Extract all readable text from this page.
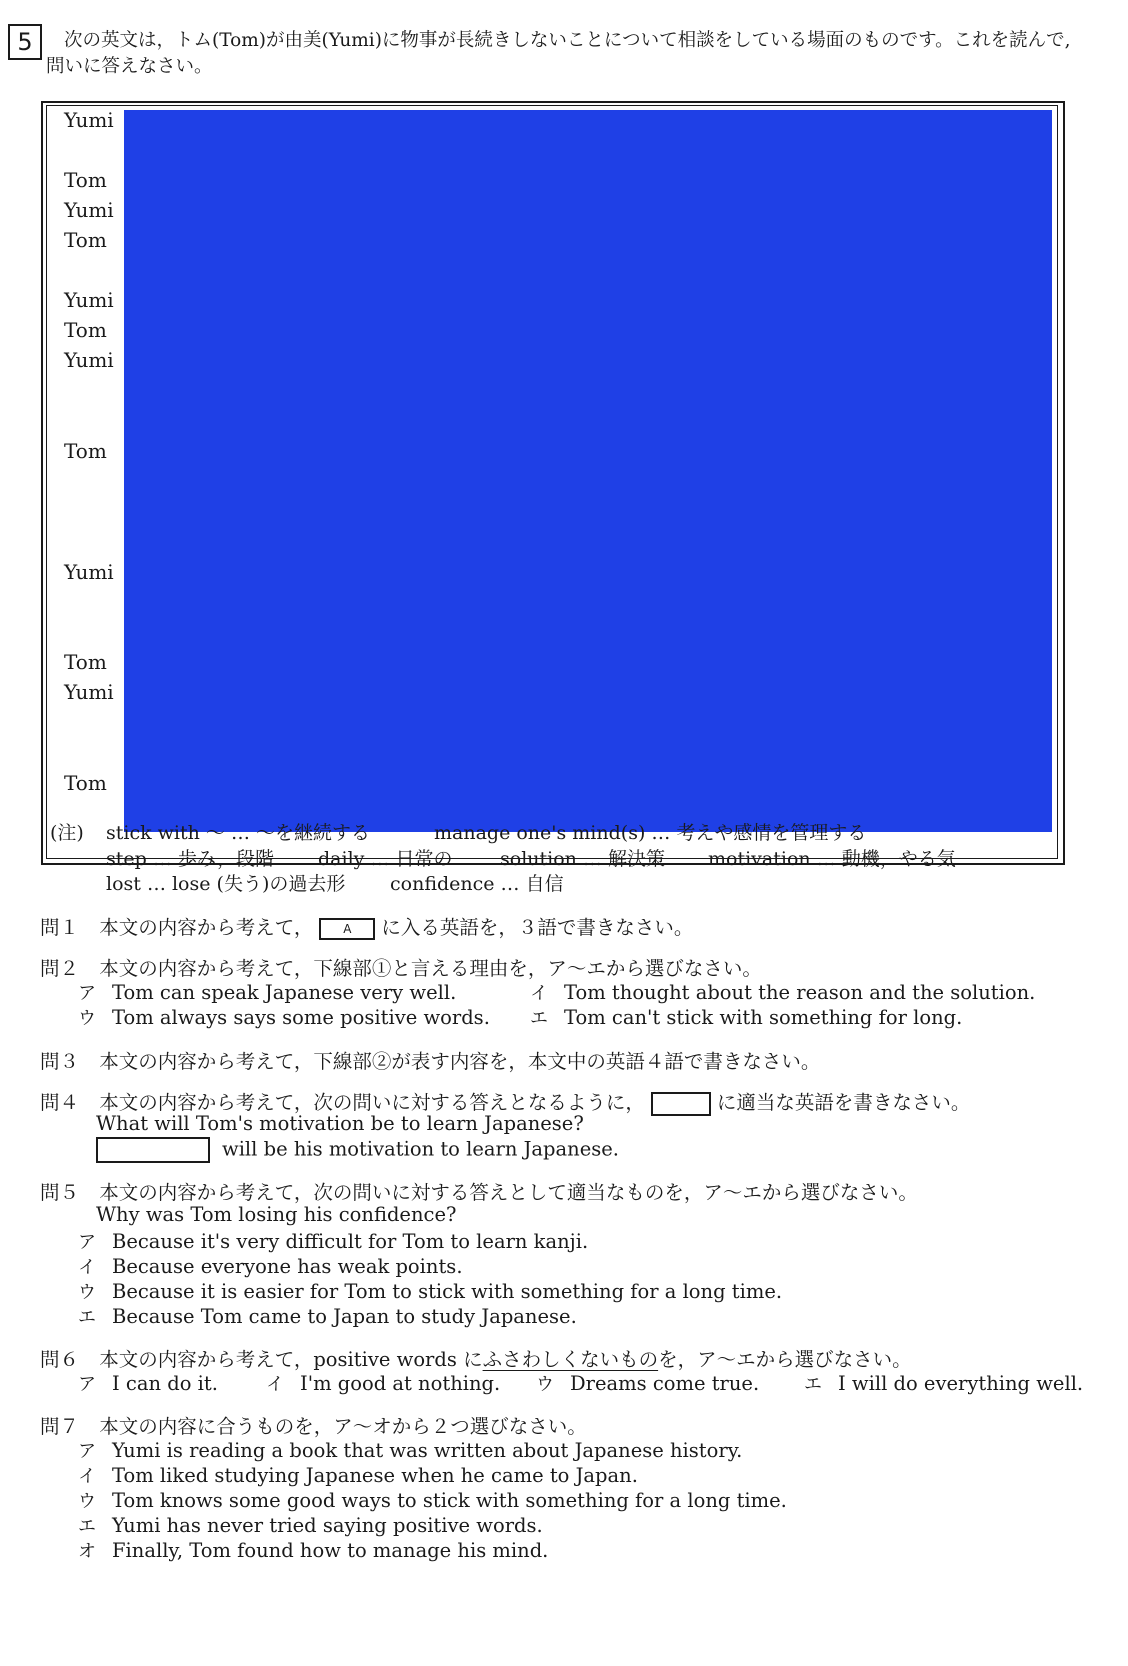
5	次の英文は，トム(Tom)が由美(Yumi)に物事が長続きしないことについて相談をしている場面のものです。これを読んで,
問いに答えなさい。
Yumi
Tom
Yumi
Tom
Yumi
Tom
Yumi
Tom
Yumi
Tom
Yumi
Tom
(注) stick with ～ … ～を継続する	manage one's mind(s) … 考えや感情を管理する
step … 歩み，段階 daily … 日常の	solution … 解決策 motivation … 動機，やる気
lost … lose (失う)の過去形 confidence … 自信
問１ 本文の内容から考えて， A に入る英語を，３語で書きなさい。
問２ 本文の内容から考えて，下線部①と言える理由を，ア～エから選びなさい。
ア Tom can speak Japanese very well.	イ Tom thought about the reason and the solution.
ウ Tom always says some positive words. エ Tom can't stick with something for long.
問３ 本文の内容から考えて，下線部②が表す内容を，本文中の英語４語で書きなさい。
問４ 本文の内容から考えて，次の問いに対する答えとなるように，	に適当な英語を書きなさい。
What will Tom's motivation be to learn Japanese?
will be his motivation to learn Japanese.
問５ 本文の内容から考えて，次の問いに対する答えとして適当なものを，ア～エから選びなさい。
Why was Tom losing his confidence?
ア Because it's very difficult for Tom to learn kanji.
イ Because everyone has weak points.
ウ Because it is easier for Tom to stick with something for a long time.
エ Because Tom came to Japan to study Japanese.
問６ 本文の内容から考えて，positive words にふさわしくないものを，ア～エから選びなさい。
ア I can do it.	イ I'm good at nothing. ウ Dreams come true. エ I will do everything well.
問７ 本文の内容に合うものを，ア～オから２つ選びなさい。
ア Yumi is reading a book that was written about Japanese history.
イ Tom liked studying Japanese when he came to Japan.
ウ Tom knows some good ways to stick with something for a long time.
エ Yumi has never tried saying positive words.
オ Finally, Tom found how to manage his mind.
